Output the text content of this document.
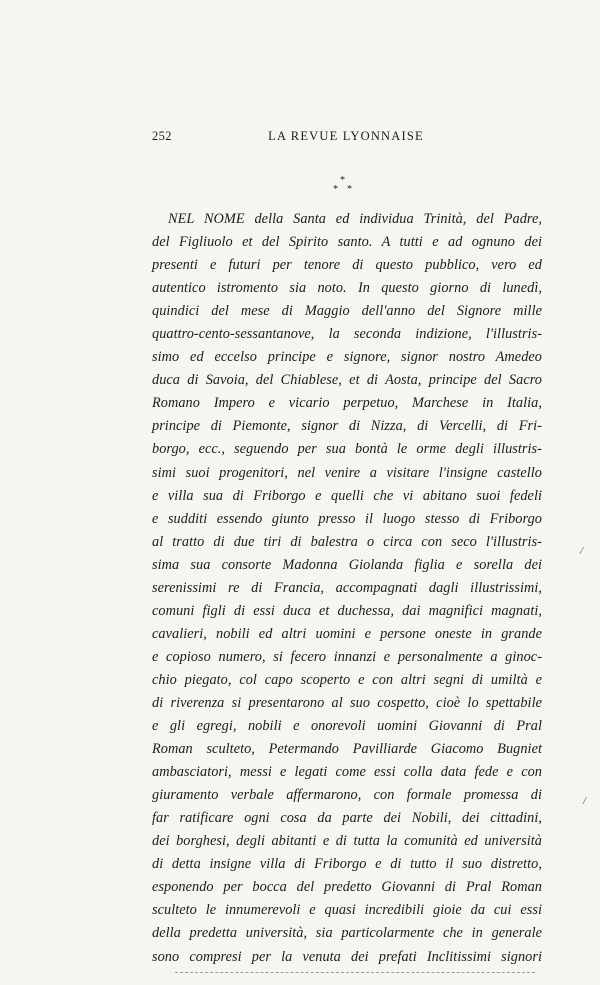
252	LA REVUE LYONNAISE
*
* *
NEL NOME della Santa ed individua Trinità, del Padre,
del Figliuolo et del Spirito santo. A tutti e ad ognuno dei
presenti e futuri per tenore di questo pubblico, vero ed
autentico istromento sia noto. In questo giorno di lunedì,
quindici del mese di Maggio dell'anno del Signore mille
quattro-cento-sessantanove, la seconda indizione, l'illustris-
simo ed eccelso principe e signore, signor nostro Amedeo
duca di Savoia, del Chiablese, et di Aosta, principe del Sacro
Romano Impero e vicario perpetuo, Marchese in Italia,
principe di Piemonte, signor di Nizza, di Vercelli, di Fri-
borgo, ecc., seguendo per sua bontà le orme degli illustris-
simi suoi progenitori, nel venire a visitare l'insigne castello
e villa sua di Friborgo e quelli che vi abitano suoi fedeli
e sudditi essendo giunto presso il luogo stesso di Friborgo
al tratto di due tiri di balestra o circa con seco l'illustris-
sima sua consorte Madonna Giolanda figlia e sorella dei
serenissimi re di Francia, accompagnati dagli illustrissimi,
comuni figli di essi duca et duchessa, dai magnifici magnati,
cavalieri, nobili ed altri uomini e persone oneste in grande
e copioso numero, si fecero innanzi e personalmente a ginoc-
chio piegato, col capo scoperto e con altri segni di umiltà e
di riverenza si presentarono al suo cospetto, cioè lo spettabile
e gli egregi, nobili e onorevoli uomini Giovanni di Pral
Roman sculteto, Petermando Pavilliarde Giacomo Bugniet
ambasciatori, messi e legati come essi colla data fede e con
giuramento verbale affermarono, con formale promessa di
far ratificare ogni cosa da parte dei Nobili, dei cittadini,
dei borghesi, degli abitanti e di tutta la comunità ed università
di detta insigne villa di Friborgo e di tutto il suo distretto,
esponendo per bocca del predetto Giovanni di Pral Roman
sculteto le innumerevoli e quasi incredibili gioie da cui essi
della predetta università, sia particolarmente che in generale
sono compresi per la venuta dei prefati Inclitissimi signori
/
/
